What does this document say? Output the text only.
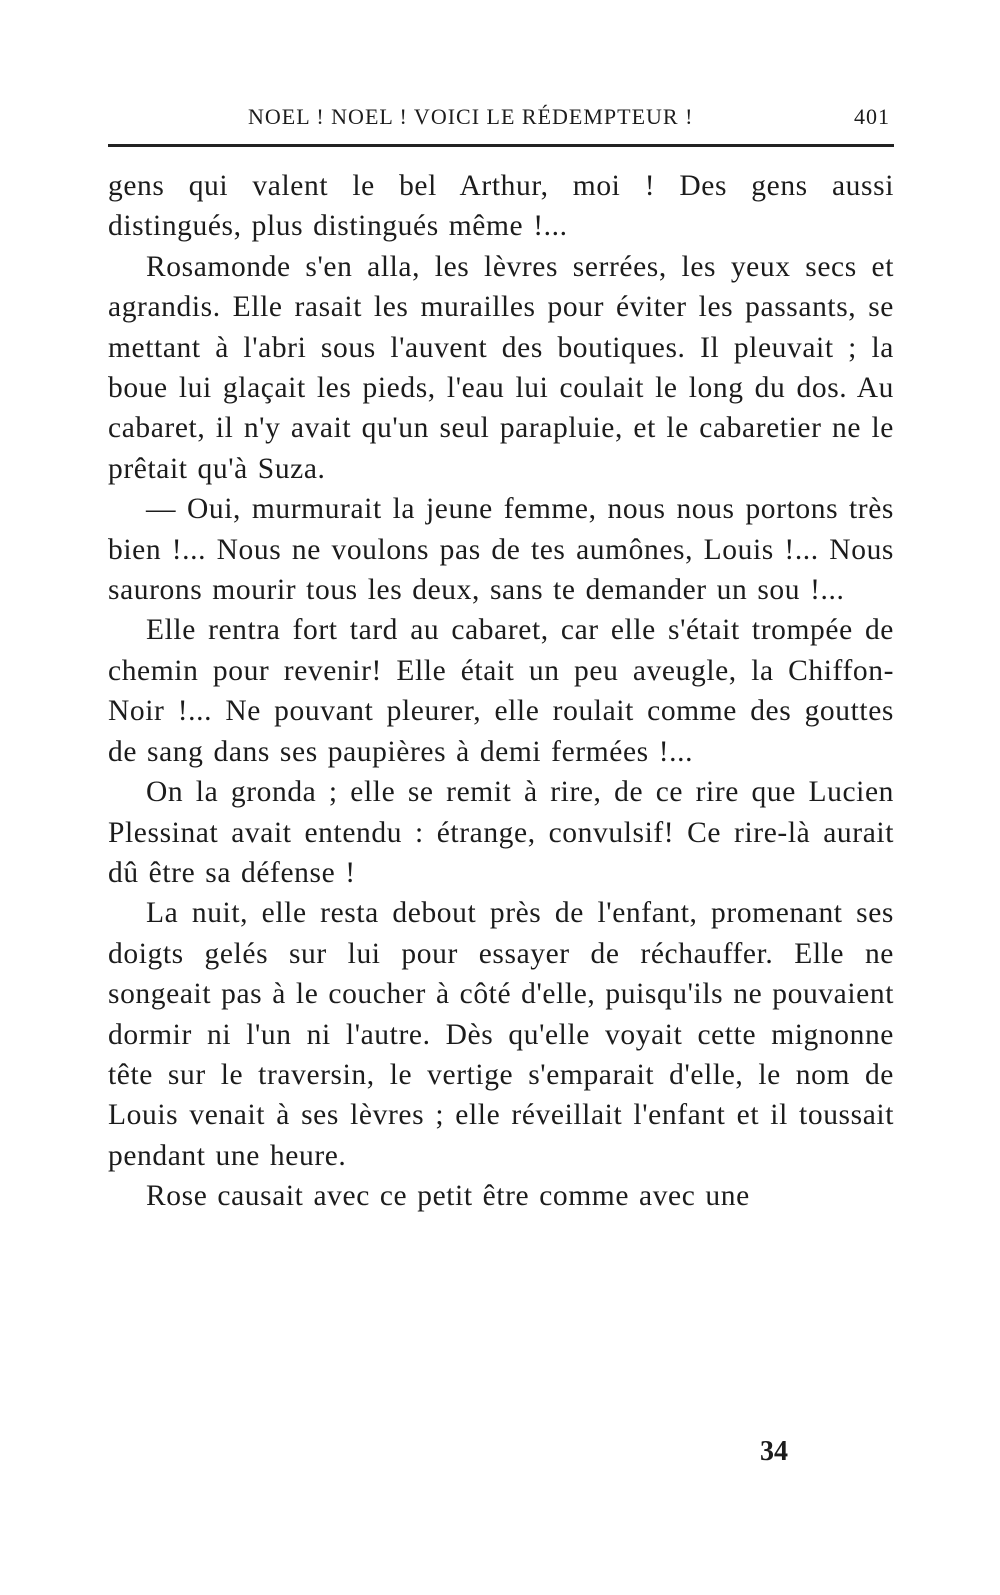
NOEL ! NOEL ! VOICI LE RÉDEMPTEUR !	401

gens qui valent le bel Arthur, moi ! Des gens aussi distingués, plus distingués même !...

Rosamonde s'en alla, les lèvres serrées, les yeux secs et agrandis. Elle rasait les murailles pour éviter les passants, se mettant à l'abri sous l'auvent des boutiques. Il pleuvait ; la boue lui glaçait les pieds, l'eau lui coulait le long du dos. Au cabaret, il n'y avait qu'un seul parapluie, et le cabaretier ne le prêtait qu'à Suza.

— Oui, murmurait la jeune femme, nous nous portons très bien !... Nous ne voulons pas de tes aumônes, Louis !... Nous saurons mourir tous les deux, sans te demander un sou !...

Elle rentra fort tard au cabaret, car elle s'était trompée de chemin pour revenir! Elle était un peu aveugle, la Chiffon-Noir !... Ne pouvant pleurer, elle roulait comme des gouttes de sang dans ses paupières à demi fermées !...

On la gronda ; elle se remit à rire, de ce rire que Lucien Plessinat avait entendu : étrange, convulsif! Ce rire-là aurait dû être sa défense !

La nuit, elle resta debout près de l'enfant, promenant ses doigts gelés sur lui pour essayer de réchauffer. Elle ne songeait pas à le coucher à côté d'elle, puisqu'ils ne pouvaient dormir ni l'un ni l'autre. Dès qu'elle voyait cette mignonne tête sur le traversin, le vertige s'emparait d'elle, le nom de Louis venait à ses lèvres ; elle réveillait l'enfant et il toussait pendant une heure.

Rose causait avec ce petit être comme avec une

34
